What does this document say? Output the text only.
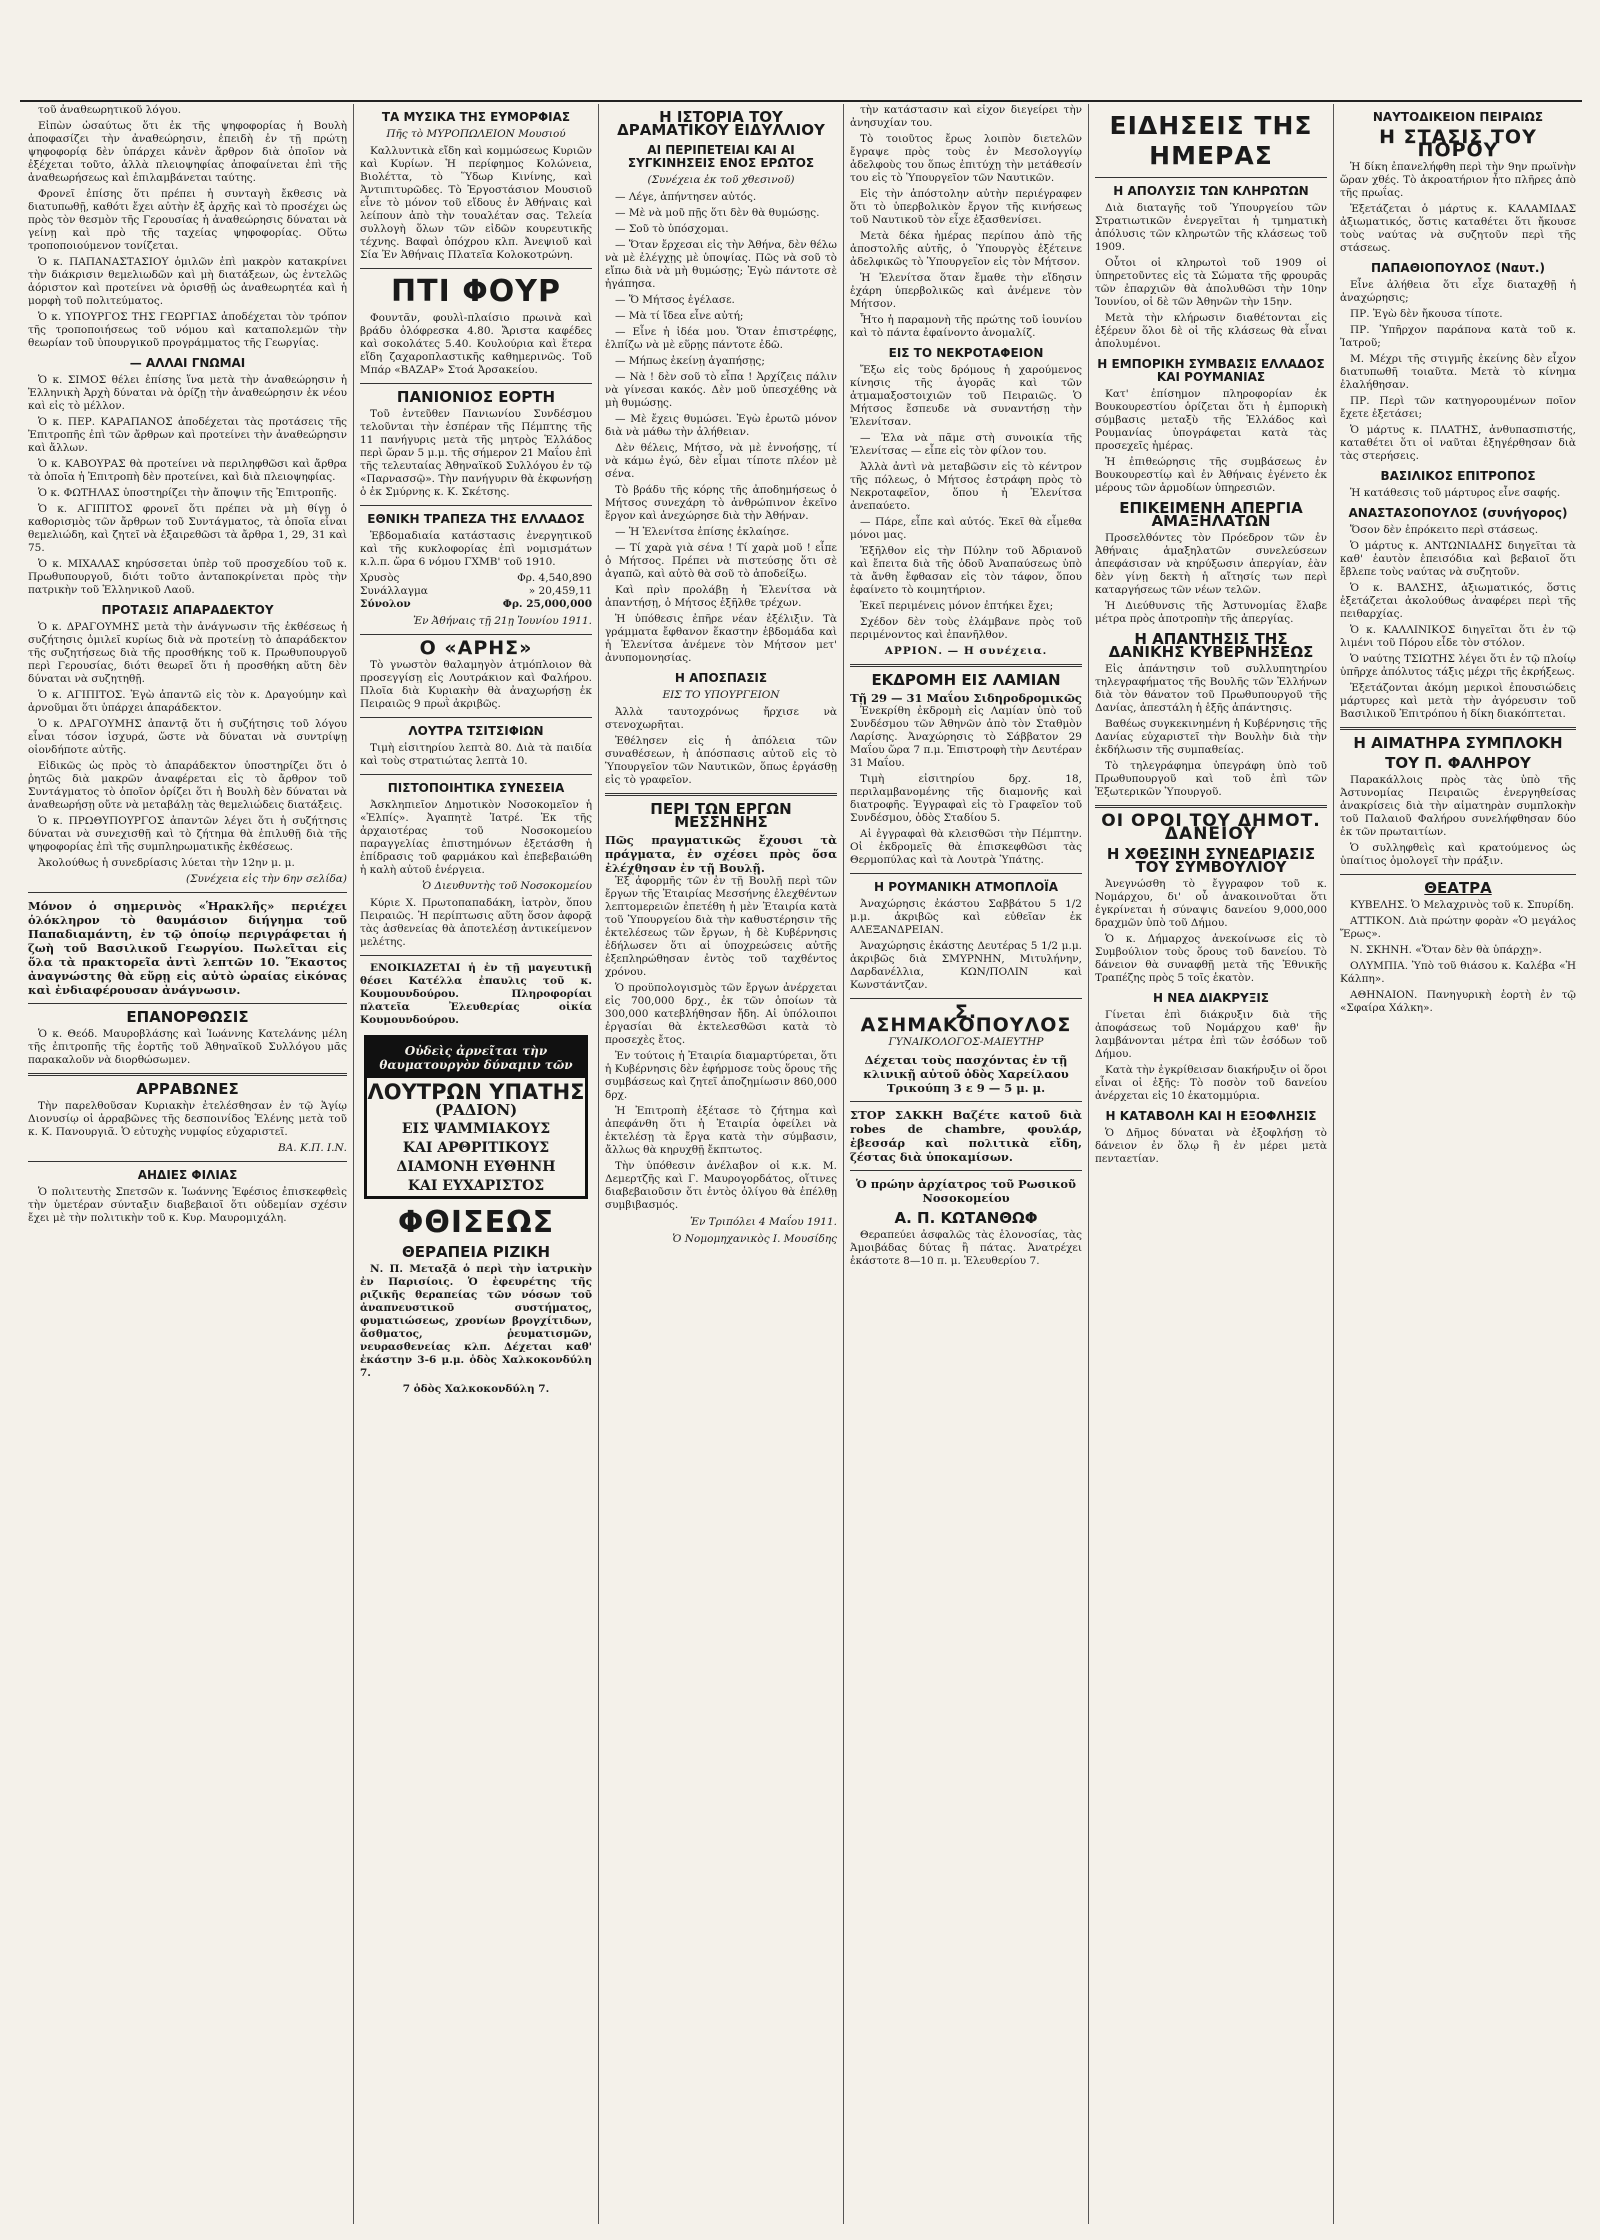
τοῦ ἀναθεωρητικοῦ λόγου.

Εἰπὼν ὡσαύτως ὅτι ἐκ τῆς ψηφοφορίας ἡ Βουλὴ ἀποφασίζει τὴν ἀναθεώρησιν, ἐπειδὴ ἐν τῇ πρώτῃ ψηφοφορίᾳ δὲν ὑπάρχει κἀνὲν ἄρθρον διὰ ὁποῖον νὰ ἐξέχεται τοῦτο, ἀλλὰ πλειοψηφίας ἀποφαίνεται ἐπὶ τῆς ἀναθεωρήσεως καὶ ἐπιλαμβάνεται ταύτης.

Φρονεῖ ἐπίσης ὅτι πρέπει ἡ συνταγὴ ἔκθεσις νὰ διατυπωθῇ, καθότι ἔχει αὐτὴν ἐξ ἀρχῆς καὶ τὸ προσέχει ὡς πρὸς τὸν θεσμὸν τῆς Γερουσίας ἡ ἀναθεώρησις δύναται νὰ γείνῃ καὶ πρὸ τῆς ταχείας ψηφοφορίας. Οὕτω τροποποιούμενον τονίζεται.

Ὁ κ. ΠΑΠΑΝΑΣΤΑΣΙΟΥ ὁμιλῶν ἐπὶ μακρὸν κατακρίνει τὴν διάκρισιν θεμελιωδῶν καὶ μὴ διατάξεων, ὡς ἐντελῶς ἀόριστον καὶ προτείνει νὰ ὁρισθῇ ὡς ἀναθεωρητέα καὶ ἡ μορφὴ τοῦ πολιτεύματος.

Ὁ κ. ΥΠΟΥΡΓΟΣ ΤΗΣ ΓΕΩΡΓΙΑΣ ἀποδέχεται τὸν τρόπον τῆς τροποποιήσεως τοῦ νόμου καὶ καταπολεμῶν τὴν θεωρίαν τοῦ ὑπουργικοῦ προγράμματος τῆς Γεωργίας.

— ΑΛΛΑΙ ΓΝΩΜΑΙ

Ὁ κ. ΣΙΜΟΣ θέλει ἐπίσης ἵνα μετὰ τὴν ἀναθεώρησιν ἡ Ἑλληνικὴ Ἀρχὴ δύναται νὰ ὁρίζῃ τὴν ἀναθεώρησιν ἐκ νέου καὶ εἰς τὸ μέλλον.

Ὁ κ. ΠΕΡ. ΚΑΡΑΠΑΝΟΣ ἀποδέχεται τὰς προτάσεις τῆς Ἐπιτροπῆς ἐπὶ τῶν ἄρθρων καὶ προτείνει τὴν ἀναθεώρησιν καὶ ἄλλων.

Ὁ κ. ΚΑΒΟΥΡΑΣ θὰ προτείνει νὰ περιληφθῶσι καὶ ἄρθρα τὰ ὁποῖα ἡ Ἐπιτροπὴ δὲν προτείνει, καὶ διὰ πλειοψηφίας.

Ὁ κ. ΦΩΤΗΛΑΣ ὑποστηρίζει τὴν ἄποψιν τῆς Ἐπιτροπῆς.

Ὁ κ. ΑΓΙΠΙΤΟΣ φρονεῖ ὅτι πρέπει νὰ μὴ θίγῃ ὁ καθορισμὸς τῶν ἄρθρων τοῦ Συντάγματος, τὰ ὁποῖα εἶναι θεμελιώδη, καὶ ζητεῖ νὰ ἐξαιρεθῶσι τὰ ἄρθρα 1, 29, 31 καὶ 75.

Ὁ κ. ΜΙΧΑΛΑΣ κηρύσσεται ὑπὲρ τοῦ προσχεδίου τοῦ κ. Πρωθυπουργοῦ, διότι τοῦτο ἀνταποκρίνεται πρὸς τὴν πατρικὴν τοῦ Ἑλληνικοῦ Λαοῦ.

ΠΡΟΤΑΣΙΣ ΑΠΑΡΑΔΕΚΤΟΥ

Ὁ κ. ΔΡΑΓΟΥΜΗΣ μετὰ τὴν ἀνάγνωσιν τῆς ἐκθέσεως ἡ συζήτησις ὁμιλεῖ κυρίως διὰ νὰ προτείνῃ τὸ ἀπαράδεκτον τῆς συζητήσεως διὰ τῆς προσθήκης τοῦ κ. Πρωθυπουργοῦ περὶ Γερουσίας, διότι θεωρεῖ ὅτι ἡ προσθήκη αὕτη δὲν δύναται νὰ συζητηθῇ.

Ὁ κ. ΑΓΙΠΙΤΟΣ. Ἐγὼ ἀπαντῶ εἰς τὸν κ. Δραγούμην καὶ ἀρνοῦμαι ὅτι ὑπάρχει ἀπαράδεκτον.

Ὁ κ. ΔΡΑΓΟΥΜΗΣ ἀπαντᾷ ὅτι ἡ συζήτησις τοῦ λόγου εἶναι τόσον ἰσχυρά, ὥστε νὰ δύναται νὰ συντρίψῃ οἱονδήποτε αὐτῆς.

Εἰδικῶς ὡς πρὸς τὸ ἀπαράδεκτον ὑποστηρίζει ὅτι ὁ ῥητῶς διὰ μακρῶν ἀναφέρεται εἰς τὸ ἄρθρον τοῦ Συντάγματος τὸ ὁποῖον ὁρίζει ὅτι ἡ Βουλὴ δὲν δύναται νὰ ἀναθεωρήσῃ οὔτε νὰ μεταβάλῃ τὰς θεμελιώδεις διατάξεις.

Ὁ κ. ΠΡΩΘΥΠΟΥΡΓΟΣ ἀπαντῶν λέγει ὅτι ἡ συζήτησις δύναται νὰ συνεχισθῇ καὶ τὸ ζήτημα θὰ ἐπιλυθῇ διὰ τῆς ψηφοφορίας ἐπὶ τῆς συμπληρωματικῆς ἐκθέσεως.

Ἀκολούθως ἡ συνεδρίασις λύεται τὴν 12ην μ. μ.

(Συνέχεια εἰς τὴν 6ην σελίδα)
Μόνον ὁ σημερινὸς «Ἡρακλῆς» περιέχει ὁλόκληρον τὸ θαυμάσιον διήγημα τοῦ Παπαδιαμάντη, ἐν τῷ ὁποίῳ περιγράφεται ἡ ζωὴ τοῦ Βασιλικοῦ Γεωργίου. Πωλεῖται εἰς ὅλα τὰ πρακτορεῖα ἀντὶ λεπτῶν 10. Ἕκαστος ἀναγνώστης θὰ εὕρῃ εἰς αὐτὸ ὡραίας εἰκόνας καὶ ἐνδιαφέρουσαν ἀνάγνωσιν.
ΕΠΑΝΟΡΘΩΣΙΣ

Ὁ κ. Θεόδ. Μαυροβλάσης καὶ Ἰωάννης Κατελάνης μέλη τῆς ἐπιτροπῆς τῆς ἑορτῆς τοῦ Ἀθηναϊκοῦ Συλλόγου μᾶς παρακαλοῦν νὰ διορθώσωμεν.

ΑΡΡΑΒΩΝΕΣ

Τὴν παρελθοῦσαν Κυριακὴν ἐτελέσθησαν ἐν τῷ Ἁγίῳ Διονυσίῳ οἱ ἀρραβῶνες τῆς δεσποινίδος Ἑλένης μετὰ τοῦ κ. Κ. Πανουργιᾶ. Ὁ εὐτυχὴς νυμφίος εὐχαριστεῖ.

ΒΑ. Κ.Π. Ι.Ν.
ΑΗΔΙΕΣ ΦΙΛΙΑΣ

Ὁ πολιτευτὴς Σπετσῶν κ. Ἰωάννης Ἐφέσιος ἐπισκεφθεὶς τὴν ὑμετέραν σύνταξιν διαβεβαιοῖ ὅτι οὐδεμίαν σχέσιν ἔχει μὲ τὴν πολιτικὴν τοῦ κ. Κυρ. Μαυρομιχάλη.

ΤΑ ΜΥΣΙΚΑ ΤΗΣ ΕΥΜΟΡΦΙΑΣ
Πῆς τὸ ΜΥΡΟΠΩΛΕΙΟΝ Μουσιού

Καλλυντικὰ εἴδη καὶ κομμώσεως Κυριῶν καὶ Κυρίων. Ἡ περίφημος Κολώνεια, Βιολέττα, τὸ Ὕδωρ Κινίνης, καὶ Ἀντιπιτυρῶδες. Τὸ Ἐργοστάσιον Μουσιοῦ εἶνε τὸ μόνον τοῦ εἴδους ἐν Ἀθήναις καὶ λείπουν ἀπὸ τὴν τουαλέταν σας. Τελεία συλλογὴ ὅλων τῶν εἰδῶν κουρευτικῆς τέχνης. Βαφαὶ ὀπόχρου κλπ. Ἀνεψιοῦ καὶ Σία Ἐν Ἀθήναις Πλατεῖα Κολοκοτρώνη.

ΠΤΙ ΦΟΥΡ

Φουντᾶν, φουλὶ-πλαίσιο πρωινὰ καὶ βράδυ ὀλόφρεσκα 4.80. Ἄριστα καφέδες καὶ σοκολάτες 5.40. Κουλούρια καὶ ἕτερα εἴδη ζαχαροπλαστικῆς καθημερινῶς. Τοῦ Μπάρ «ΒΑΖΑΡ» Στοά Ἀρσακείου.

ΠΑΝΙΟΝΙΟΣ ΕΟΡΤΗ

Τοῦ ἐντεῦθεν Πανιωνίου Συνδέσμου τελοῦνται τὴν ἑσπέραν τῆς Πέμπτης τῆς 11 πανήγυρις μετὰ τῆς μητρὸς Ἑλλάδος περὶ ὥραν 5 μ.μ. τῆς σήμερον 21 Μαΐου ἐπὶ τῆς τελευταίας Ἀθηναϊκοῦ Συλλόγου ἐν τῷ «Παρνασσῷ». Τὴν πανήγυριν θὰ ἐκφωνήσῃ ὁ ἐκ Σμύρνης κ. Κ. Σκέτσης.

ΕΘΝΙΚΗ ΤΡΑΠΕΖΑ ΤΗΣ ΕΛΛΑΔΟΣ

Ἑβδομαδιαία κατάστασις ἐνεργητικοῦ καὶ τῆς κυκλοφορίας ἐπὶ νομισμάτων κ.λ.π. ὥρα 6 νόμου ΓΧΜΒ' τοῦ 1910.

Χρυσὸς	Φρ. 4,540,890
Συνάλλαγμα	» 20,459,11
Σύνολον	Φρ. 25,000,000
Ἐν Ἀθήναις τῇ 21ῃ Ἰουνίου 1911.
Ο «ΑΡΗΣ»

Τὸ γνωστὸν θαλαμηγὸν ἀτμόπλοιον θὰ προσεγγίσῃ εἰς Λουτράκιον καὶ Φαλήρου. Πλοῖα διὰ Κυριακὴν θὰ ἀναχωρήσῃ ἐκ Πειραιῶς 9 πρωῒ ἀκριβῶς.

ΛΟΥΤΡΑ ΤΣΙΤΣΙΦΙΩΝ

Τιμὴ εἰσιτηρίου λεπτὰ 80. Διὰ τὰ παιδία καὶ τοὺς στρατιώτας λεπτὰ 10.

ΠΙΣΤΟΠΟΙΗΤΙΚΑ ΣΥΝΕΣΕΙΑ

Ἀσκληπιεῖον Δημοτικὸν Νοσοκομεῖον ἡ «Ἐλπίς». Ἀγαπητὲ Ἰατρέ. Ἐκ τῆς ἀρχαιοτέρας τοῦ Νοσοκομείου παραγγελίας ἐπιστημόνων ἐξετάσθη ἡ ἐπίδρασις τοῦ φαρμάκου καὶ ἐπεβεβαιώθη ἡ καλὴ αὐτοῦ ἐνέργεια.

Ὁ Διευθυντὴς τοῦ Νοσοκομείου

Κύριε Χ. Πρωτοπαπαδάκη, ἰατρὸν, ὅπου Πειραιῶς. Ἡ περίπτωσις αὕτη ὅσον ἀφορᾷ τὰς ἀσθενείας θὰ ἀποτελέσῃ ἀντικείμενον μελέτης.

ΕΝΟΙΚΙΑΖΕΤΑΙ ἡ ἐν τῇ μαγευτικῇ θέσει Κατέλλα ἐπαυλις τοῦ κ. Κουμουνδούρου. Πληροφορίαι πλατεῖα Ἐλευθερίας οἰκία Κουμουνδούρου.

Οὐδεὶς ἀρνεῖται τὴν θαυματουργὸν δύναμιν τῶν
ΛΟΥΤΡΩΝ ΥΠΑΤΗΣ
(ΡΑΔΙΟΝ)
ΕΙΣ ΨΑΜΜΙΑΚΟΥΣ
ΚΑΙ ΑΡΘΡΙΤΙΚΟΥΣ
ΔΙΑΜΟΝΗ ΕΥΘΗΝΗ
ΚΑΙ ΕΥΧΑΡΙΣΤΟΣ
ΦΘΙΣΕΩΣ
ΘΕΡΑΠΕΙΑ ΡΙΖΙΚΗ

Ν. Π. Μεταξᾶ ὁ περὶ τὴν ἰατρικὴν ἐν Παρισίοις. Ὁ ἐφευρέτης τῆς ριζικῆς θεραπείας τῶν νόσων τοῦ ἀναπνευστικοῦ συστήματος, φυματιώσεως, χρονίων βρογχίτιδων, ἄσθματος, ῥευματισμῶν, νευρασθενείας κλπ. Δέχεται καθ' ἑκάστην 3-6 μ.μ. ὁδὸς Χαλκοκονδύλη 7.

7 ὁδὸς Χαλκοκονδύλη 7.
Η ΙΣΤΟΡΙΑ ΤΟΥ ΔΡΑΜΑΤΙΚΟΥ ΕΙΔΥΛΛΙΟΥ
ΑΙ ΠΕΡΙΠΕΤΕΙΑΙ ΚΑΙ ΑΙ ΣΥΓΚΙΝΗΣΕΙΣ ΕΝΟΣ ΕΡΩΤΟΣ
(Συνέχεια ἐκ τοῦ χθεσινοῦ)

— Λέγε, ἀπήντησεν αὐτός.

— Μὲ νὰ μοῦ πῇς ὅτι δὲν θὰ θυμώσῃς.

— Σοῦ τὸ ὑπόσχομαι.

— Ὅταν ἔρχεσαι εἰς τὴν Ἀθήνα, δὲν θέλω νὰ μὲ ἐλέγχῃς μὲ ὑποψίας. Πῶς νὰ σοῦ τὸ εἴπω διὰ νὰ μὴ θυμώσῃς; Ἐγὼ πάντοτε σὲ ἠγάπησα.

— Ὅ Μήτσος ἐγέλασε.

— Μὰ τί ἴδεα εἶνε αὐτή;

— Εἶνε ἡ ἰδέα μου. Ὅταν ἐπιστρέφῃς, ἐλπίζω νὰ μὲ εὕρῃς πάντοτε ἐδῶ.

— Μήπως ἐκείνῃ ἀγαπήσῃς;

— Νὰ ! δὲν σοῦ τὸ εἶπα ! Ἀρχίζεις πάλιν νὰ γίνεσαι κακός. Δὲν μοῦ ὑπεσχέθης νὰ μὴ θυμώσῃς.

— Μὲ ἔχεις θυμώσει. Ἐγὼ ἐρωτῶ μόνον διὰ νὰ μάθω τὴν ἀλήθειαν.

Δὲν θέλεις, Μήτσο, νὰ μὲ ἐννοήσῃς, τί νὰ κάμω ἐγώ, δὲν εἶμαι τίποτε πλέον μὲ σένα.

Τὸ βράδυ τῆς κόρης τῆς ἀποδημήσεως ὁ Μήτσος συνεχάρη τὸ ἀνθρώπινον ἐκεῖνο ἔργον καὶ ἀνεχώρησε διὰ τὴν Ἀθήναν.

— Ἡ Ἐλενίτσα ἐπίσης ἐκλαίησε.

— Τί χαρὰ γιὰ σένα ! Τί χαρὰ μοῦ ! εἶπε ὁ Μήτσος. Πρέπει νὰ πιστεύσῃς ὅτι σὲ ἀγαπῶ, καὶ αὐτὸ θὰ σοῦ τὸ ἀποδείξω.

Καὶ πρὶν προλάβῃ ἡ Ἐλενίτσα νὰ ἀπαντήσῃ, ὁ Μήτσος ἐξῆλθε τρέχων.

Ἡ ὑπόθεσις ἐπῆρε νέαν ἐξέλιξιν. Τὰ γράμματα ἔφθανον ἕκαστην ἑβδομάδα καὶ ἡ Ἐλενίτσα ἀνέμενε τὸν Μήτσον μετ' ἀνυπομονησίας.

Η ΑΠΟΣΠΑΣΙΣ
ΕΙΣ ΤΟ ΥΠΟΥΡΓΕΙΟΝ

Ἀλλὰ ταυτοχρόνως ἤρχισε νὰ στενοχωρῆται.

Ἐθέλησεν εἰς ἡ ἀπόλεια τῶν συναθέσεων, ἡ ἀπόσπασις αὐτοῦ εἰς τὸ Ὑπουργεῖον τῶν Ναυτικῶν, ὅπως ἐργάσθῃ εἰς τὸ γραφεῖον.

ΠΕΡΙ ΤΩΝ ΕΡΓΩΝ ΜΕΣΣΗΝΗΣ
Πῶς πραγματικῶς ἔχουσι τὰ πράγματα, ἐν σχέσει πρὸς ὅσα ἐλέχθησαν ἐν τῇ Βουλῇ.

Ἐξ ἀφορμῆς τῶν ἐν τῇ Βουλῇ περὶ τῶν ἔργων τῆς Ἐταιρίας Μεσσήνης ἐλεχθέντων λεπτομερειῶν ἐπετέθη ἡ μὲν Ἐταιρία κατὰ τοῦ Ὑπουργείου διὰ τὴν καθυστέρησιν τῆς ἐκτελέσεως τῶν ἔργων, ἡ δὲ Κυβέρνησις ἐδήλωσεν ὅτι αἱ ὑποχρεώσεις αὐτῆς ἐξεπληρώθησαν ἐντὸς τοῦ ταχθέντος χρόνου.

Ὁ προϋπολογισμὸς τῶν ἔργων ἀνέρχεται εἰς 700,000 δρχ., ἐκ τῶν ὁποίων τὰ 300,000 κατεβλήθησαν ἤδη. Αἱ ὑπόλοιποι ἐργασίαι θὰ ἐκτελεσθῶσι κατὰ τὸ προσεχὲς ἔτος.

Ἐν τούτοις ἡ Ἐταιρία διαμαρτύρεται, ὅτι ἡ Κυβέρνησις δὲν ἐφήρμοσε τοὺς ὅρους τῆς συμβάσεως καὶ ζητεῖ ἀποζημίωσιν 860,000 δρχ.

Ἡ Ἐπιτροπὴ ἐξέτασε τὸ ζήτημα καὶ ἀπεφάνθη ὅτι ἡ Ἐταιρία ὀφείλει νὰ ἐκτελέσῃ τὰ ἔργα κατὰ τὴν σύμβασιν, ἄλλως θὰ κηρυχθῇ ἔκπτωτος.

Τὴν ὑπόθεσιν ἀνέλαβον οἱ κ.κ. Μ. Δεμερτζῆς καὶ Γ. Μαυρογορδάτος, οἵτινες διαβεβαιοῦσιν ὅτι ἐντὸς ὀλίγου θὰ ἐπέλθῃ συμβιβασμός.

Ἐν Τριπόλει 4 Μαΐου 1911.
Ὁ Νομομηχανικὸς Ι. Μουσίδης

τὴν κατάστασιν καὶ εἶχον διεγείρει τὴν ἀνησυχίαν του.

Τὸ τοιοῦτος ἔρως λοιπὸν διετελῶν ἔγραψε πρὸς τοὺς ἐν Μεσολογγίῳ ἀδελφοὺς του ὅπως ἐπιτύχῃ τὴν μετάθεσίν του εἰς τὸ Ὑπουργεῖον τῶν Ναυτικῶν.

Εἰς τὴν ἀπόστολην αὐτὴν περιέγραφεν ὅτι τὸ ὑπερβολικὸν ἔργον τῆς κινήσεως τοῦ Ναυτικοῦ τὸν εἶχε ἐξασθενίσει.

Μετὰ δέκα ἡμέρας περίπου ἀπὸ τῆς ἀποστολῆς αὐτῆς, ὁ Ὑπουργὸς ἐξέτεινε ἀδελφικῶς τὸ Ὑπουργεῖον εἰς τὸν Μήτσον.

Ἡ Ἐλενίτσα ὅταν ἔμαθε τὴν εἴδησιν ἐχάρη ὑπερβολικῶς καὶ ἀνέμενε τὸν Μήτσον.

Ἦτο ἡ παραμονὴ τῆς πρώτης τοῦ ἰουνίου καὶ τὸ πάντα ἐφαίνοντο ἀνομαλίζ.

ΕΙΣ ΤΟ ΝΕΚΡΟΤΑΦΕΙΟΝ

Ἔξω εἰς τοὺς δρόμους ἡ χαρούμενος κίνησις τῆς ἀγορᾶς καὶ τῶν ἀτμαμαξοστοιχιῶν τοῦ Πειραιῶς. Ὁ Μήτσος ἔσπευδε νὰ συναντήσῃ τὴν Ἐλενίτσαν.

— Ἐλα νὰ πᾶμε στὴ συνοικία τῆς Ἐλενίτσας — εἶπε εἰς τὸν φίλον του.

Ἀλλὰ ἀντὶ νὰ μεταβῶσιν εἰς τὸ κέντρον τῆς πόλεως, ὁ Μήτσος ἐστράφη πρὸς τὸ Νεκροταφεῖον, ὅπου ἡ Ἐλενίτσα ἀνεπαύετο.

— Πάρε, εἶπε καὶ αὐτός. Ἐκεῖ θὰ εἶμεθα μόνοι μας.

Ἐξῆλθον εἰς τὴν Πύλην τοῦ Ἀδριανοῦ καὶ ἔπειτα διὰ τῆς ὁδοῦ Ἀναπαύσεως ὑπὸ τὰ ἄνθη ἔφθασαν εἰς τὸν τάφον, ὅπου ἐφαίνετο τὸ κοιμητήριον.

Ἐκεῖ περιμένεις μόνον ἐπτήκει ἔχει;

Σχέδον δὲν τοὺς ἐλάμβανε πρὸς τοῦ περιμένοντος καὶ ἐπανῆλθον.

ΑΡΡΙΟΝ. — Η συνέχεια.
ΕΚΔΡΟΜΗ ΕΙΣ ΛΑΜΙΑΝ
Τῇ 29 — 31 Μαΐου Σιδηροδρομικῶς

Ἐνεκρίθη ἐκδρομὴ εἰς Λαμίαν ὑπὸ τοῦ Συνδέσμου τῶν Ἀθηνῶν ἀπὸ τὸν Σταθμὸν Λαρίσης. Ἀναχώρησις τὸ Σάββατον 29 Μαΐου ὥρα 7 π.μ. Ἐπιστροφὴ τὴν Δευτέραν 31 Μαΐου.

Τιμὴ εἰσιτηρίου δρχ. 18, περιλαμβανομένης τῆς διαμονῆς καὶ διατροφῆς. Ἐγγραφαὶ εἰς τὸ Γραφεῖον τοῦ Συνδέσμου, ὁδὸς Σταδίου 5.

Αἱ ἐγγραφαὶ θὰ κλεισθῶσι τὴν Πέμπτην. Οἱ ἐκδρομεῖς θὰ ἐπισκεφθῶσι τὰς Θερμοπύλας καὶ τὰ Λουτρὰ Ὑπάτης.

Η ΡΟΥΜΑΝΙΚΗ ΑΤΜΟΠΛΟΪΑ

Ἀναχώρησις ἐκάστου Σαββάτου 5 1/2 μ.μ. ἀκριβῶς καὶ εὐθεῖαν ἐκ ΑΛΕΞΑΝΔΡΕΙΑΝ.

Ἀναχώρησις ἐκάστης Δευτέρας 5 1/2 μ.μ. ἀκριβῶς διὰ ΣΜΥΡΝΗΝ, Μιτυλήνην, Δαρδανέλλια, ΚΩΝ/ΠΟΛΙΝ καὶ Κωνστάντζαν.

Σ. ΑΣΗΜΑΚΟΠΟΥΛΟΣ
ΓΥΝΑΙΚΟΛΟΓΟΣ-ΜΑΙΕΥΤΗΡ
Δέχεται τοὺς πασχόντας ἐν τῇ κλινικῇ αὐτοῦ ὁδὸς Χαρείλαου Τρικούπη 3 ε 9 — 5 μ. μ.
ΣΤΟΡ ΣΑΚΚΗ Βαζέτε κατοῦ διὰ robes de chambre, φουλάρ, ἐβεσσάρ καὶ πολιτικὰ εἴδη, ζέστας διὰ ὑποκαμίσων.
Ὁ πρώην ἀρχίατρος τοῦ Ρωσικοῦ Νοσοκομείου
Α. Π. ΚΩΤΑΝΘΩΦ

Θεραπεύει ἀσφαλῶς τὰς ἑλονοσίας, τὰς Ἀμοιβάδας δύτας ἢ πάτας. Ἀνατρέχει ἐκάστοτε 8—10 π. μ. Ἑλευθερίου 7.

ΕΙΔΗΣΕΙΣ ΤΗΣ ΗΜΕΡΑΣ
Η ΑΠΟΛΥΣΙΣ ΤΩΝ ΚΛΗΡΩΤΩΝ

Διὰ διαταγῆς τοῦ Ὑπουργείου τῶν Στρατιωτικῶν ἐνεργεῖται ἡ τμηματικὴ ἀπόλυσις τῶν κληρωτῶν τῆς κλάσεως τοῦ 1909.

Οὗτοι οἱ κληρωτοὶ τοῦ 1909 οἱ ὑπηρετοῦντες εἰς τὰ Σώματα τῆς φρουρᾶς τῶν ἐπαρχιῶν θὰ ἀπολυθῶσι τὴν 10ην Ἰουνίου, οἱ δὲ τῶν Ἀθηνῶν τὴν 15ην.

Μετὰ τὴν κλήρωσιν διαθέτονται εἰς ἐξέρευν ὅλοι δὲ οἱ τῆς κλάσεως θὰ εἶναι ἀπολυμένοι.

Η ΕΜΠΟΡΙΚΗ ΣΥΜΒΑΣΙΣ ΕΛΛΑΔΟΣ ΚΑΙ ΡΟΥΜΑΝΙΑΣ

Κατ' ἐπίσημον πληροφορίαν ἐκ Βουκουρεστίου ὁρίζεται ὅτι ἡ ἐμπορικὴ σύμβασις μεταξὺ τῆς Ἑλλάδος καὶ Ρουμανίας ὑπογράφεται κατὰ τὰς προσεχεῖς ἡμέρας.

Ἡ ἐπιθεώρησις τῆς συμβάσεως ἐν Βουκουρεστίῳ καὶ ἐν Ἀθήναις ἐγένετο ἐκ μέρους τῶν ἀρμοδίων ὑπηρεσιῶν.

ΕΠΙΚΕΙΜΕΝΗ ΑΠΕΡΓΙΑ ΑΜΑΞΗΛΑΤΩΝ

Προσελθόντες τὸν Πρόεδρον τῶν ἐν Ἀθήναις ἁμαξηλατῶν συνελεύσεων ἀπεφάσισαν νὰ κηρύξωσιν ἀπεργίαν, ἐὰν δὲν γίνῃ δεκτὴ ἡ αἴτησίς των περὶ καταργήσεως τῶν νέων τελῶν.

Ἡ Διεύθυνσις τῆς Ἀστυνομίας ἔλαβε μέτρα πρὸς ἀποτροπὴν τῆς ἀπεργίας.

Η ΑΠΑΝΤΗΣΙΣ ΤΗΣ ΔΑΝΙΚΗΣ ΚΥΒΕΡΝΗΣΕΩΣ

Εἰς ἀπάντησιν τοῦ συλλυπητηρίου τηλεγραφήματος τῆς Βουλῆς τῶν Ἑλλήνων διὰ τὸν θάνατον τοῦ Πρωθυπουργοῦ τῆς Δανίας, ἀπεστάλη ἡ ἑξῆς ἀπάντησις.

Βαθέως συγκεκινημένη ἡ Κυβέρνησις τῆς Δανίας εὐχαριστεῖ τὴν Βουλὴν διὰ τὴν ἐκδήλωσιν τῆς συμπαθείας.

Τὸ τηλεγράφημα ὑπεγράφη ὑπὸ τοῦ Πρωθυπουργοῦ καὶ τοῦ ἐπὶ τῶν Ἐξωτερικῶν Ὑπουργοῦ.

ΟΙ ΟΡΟΙ ΤΟΥ ΔΗΜΟΤ. ΔΑΝΕΙΟΥ
Η ΧΘΕΣΙΝΗ ΣΥΝΕΔΡΙΑΣΙΣ ΤΟΥ ΣΥΜΒΟΥΛΙΟΥ

Ἀνεγνώσθη τὸ ἔγγραφον τοῦ κ. Νομάρχου, δι' οὗ ἀνακοινοῦται ὅτι ἐγκρίνεται ἡ σύναψις δανείου 9,000,000 δραχμῶν ὑπὸ τοῦ Δήμου.

Ὁ κ. Δήμαρχος ἀνεκοίνωσε εἰς τὸ Συμβούλιον τοὺς ὅρους τοῦ δανείου. Τὸ δάνειον θὰ συναφθῇ μετὰ τῆς Ἐθνικῆς Τραπέζης πρὸς 5 τοῖς ἑκατὸν.

Η ΝΕΑ ΔΙΑΚΡΥΞΙΣ

Γίνεται ἐπὶ διάκρυξιν διὰ τῆς ἀποφάσεως τοῦ Νομάρχου καθ' ἣν λαμβάνονται μέτρα ἐπὶ τῶν ἐσόδων τοῦ Δήμου.

Κατὰ τὴν ἐγκρίθεισαν διακήρυξιν οἱ ὅροι εἶναι οἱ ἑξῆς: Τὸ ποσὸν τοῦ δανείου ἀνέρχεται εἰς 10 ἑκατομμύρια.

Η ΚΑΤΑΒΟΛΗ ΚΑΙ Η ΕΞΟΦΛΗΣΙΣ

Ὁ Δῆμος δύναται νὰ ἐξοφλήσῃ τὸ δάνειον ἐν ὅλῳ ἢ ἐν μέρει μετὰ πενταετίαν.

ΝΑΥΤΟΔΙΚΕΙΟΝ ΠΕΙΡΑΙΩΣ
Η ΣΤΑΣΙΣ ΤΟΥ ΠΟΡΟΥ

Ἡ δίκη ἐπανελήφθη περὶ τὴν 9ην πρωϊνὴν ὥραν χθές. Τὸ ἀκροατήριον ἦτο πλῆρες ἀπὸ τῆς πρωΐας.

Ἐξετάζεται ὁ μάρτυς κ. ΚΑΛΑΜΙΔΑΣ ἀξιωματικός, ὅστις καταθέτει ὅτι ἤκουσε τοὺς ναύτας νὰ συζητοῦν περὶ τῆς στάσεως.

ΠΑΠΑΘΙΟΠΟΥΛΟΣ (Ναυτ.)

Εἶνε ἀλήθεια ὅτι εἶχε διαταχθῇ ἡ ἀναχώρησις;

ΠΡ. Ἐγὼ δὲν ἤκουσα τίποτε.

ΠΡ. Ὑπῆρχον παράπονα κατὰ τοῦ κ. Ἰατροῦ;

Μ. Μέχρι τῆς στιγμῆς ἐκείνης δὲν εἶχον διατυπωθῆ τοιαῦτα. Μετὰ τὸ κίνημα ἐλαλήθησαν.

ΠΡ. Περὶ τῶν κατηγορουμένων ποῖον ἔχετε ἐξετάσει;

Ὁ μάρτυς κ. ΠΛΑΤΗΣ, ἀνθυπασπιστής, καταθέτει ὅτι οἱ ναῦται ἐξηγέρθησαν διὰ τὰς στερήσεις.

ΒΑΣΙΛΙΚΟΣ ΕΠΙΤΡΟΠΟΣ

Ἡ κατάθεσις τοῦ μάρτυρος εἶνε σαφής.

ΑΝΑΣΤΑΣΟΠΟΥΛΟΣ (συνήγορος)

Ὅσον δὲν ἐπρόκειτο περὶ στάσεως.

Ὁ μάρτυς κ. ΑΝΤΩΝΙΑΔΗΣ διηγεῖται τὰ καθ' ἑαυτὸν ἐπεισόδια καὶ βεβαιοῖ ὅτι ἔβλεπε τοὺς ναύτας νὰ συζητοῦν.

Ὁ κ. ΒΑΛΣΗΣ, ἀξιωματικός, ὅστις ἐξετάζεται ἀκολούθως ἀναφέρει περὶ τῆς πειθαρχίας.

Ὁ κ. ΚΑΛΛΙΝΙΚΟΣ διηγεῖται ὅτι ἐν τῷ λιμένι τοῦ Πόρου εἶδε τὸν στόλον.

Ὁ ναύτης ΤΣΙΩΤΗΣ λέγει ὅτι ἐν τῷ πλοίῳ ὑπῆρχε ἀπόλυτος τάξις μέχρι τῆς ἐκρήξεως.

Ἐξετάζονται ἀκόμη μερικοὶ ἐπουσιώδεις μάρτυρες καὶ μετὰ τὴν ἀγόρευσιν τοῦ Βασιλικοῦ Ἐπιτρόπου ἡ δίκη διακόπτεται.

Η ΑΙΜΑΤΗΡΑ ΣΥΜΠΛΟΚΗ
ΤΟΥ Π. ΦΑΛΗΡΟΥ

Παρακάλλοις πρὸς τὰς ὑπὸ τῆς Ἀστυνομίας Πειραιῶς ἐνεργηθείσας ἀνακρίσεις διὰ τὴν αἱματηρὰν συμπλοκὴν τοῦ Παλαιοῦ Φαλήρου συνελήφθησαν δύο ἐκ τῶν πρωταιτίων.

Ὁ συλληφθεὶς καὶ κρατούμενος ὡς ὑπαίτιος ὁμολογεῖ τὴν πράξιν.

ΘΕΑΤΡΑ

ΚΥΒΕΛΗΣ. Ὁ Μελαχρινὸς τοῦ κ. Σπυρίδη.

ΑΤΤΙΚΟΝ. Διὰ πρώτην φορὰν «Ὁ μεγάλος Ἔρως».

Ν. ΣΚΗΝΗ. «Ὅταν δὲν θὰ ὑπάρχῃ».

ΟΛΥΜΠΙΑ. Ὑπὸ τοῦ θιάσου κ. Καλέβα «Ἡ Κάλπη».

ΑΘΗΝΑΙΟΝ. Πανηγυρικὴ ἑορτὴ ἐν τῷ «Σφαίρα Χάλκη».
